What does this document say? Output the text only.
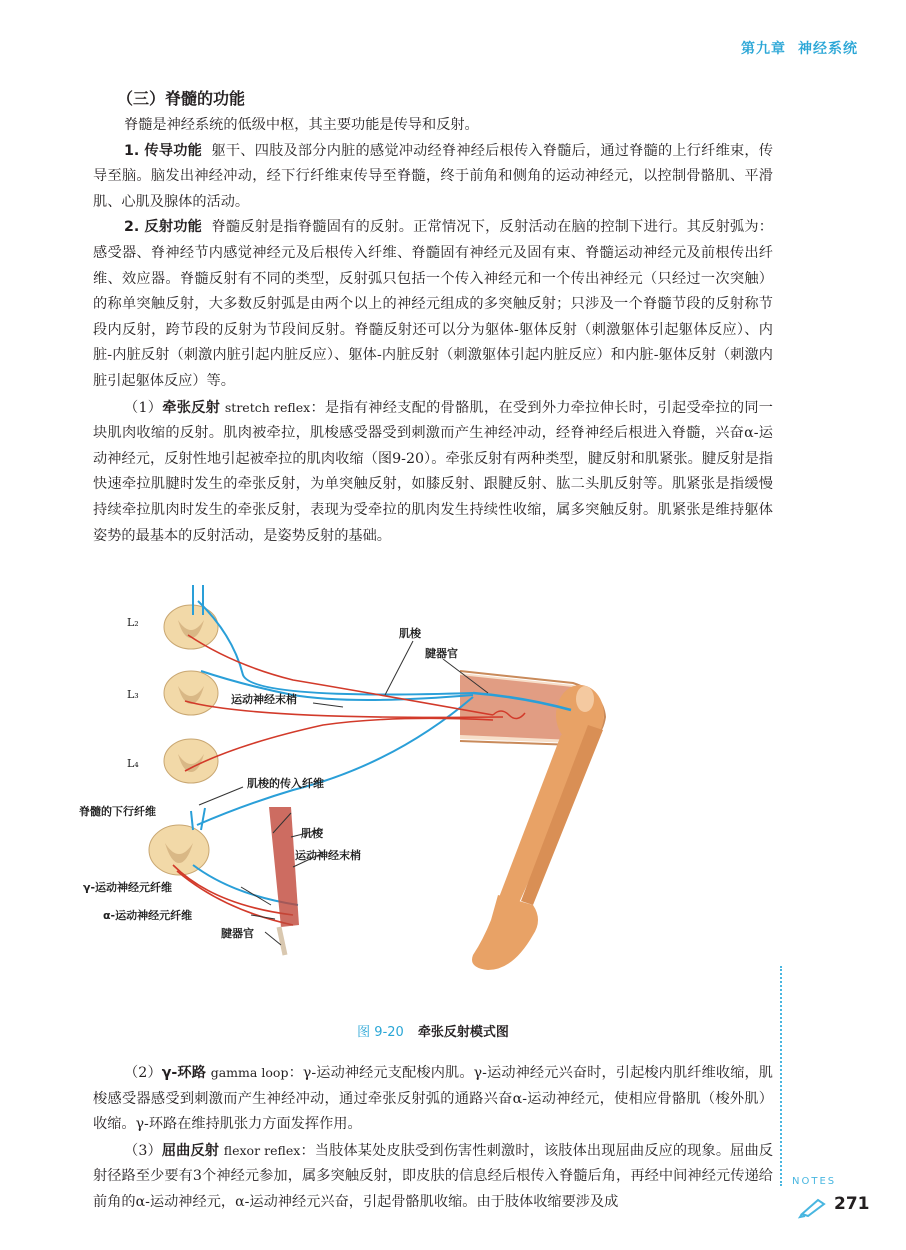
第九章 神经系统
（三）脊髓的功能

脊髓是神经系统的低级中枢，其主要功能是传导和反射。

1. 传导功能 躯干、四肢及部分内脏的感觉冲动经脊神经后根传入脊髓后，通过脊髓的上行纤维束，传导至脑。脑发出神经冲动，经下行纤维束传导至脊髓，终于前角和侧角的运动神经元，以控制骨骼肌、平滑肌、心肌及腺体的活动。

2. 反射功能 脊髓反射是指脊髓固有的反射。正常情况下，反射活动在脑的控制下进行。其反射弧为：感受器、脊神经节内感觉神经元及后根传入纤维、脊髓固有神经元及固有束、脊髓运动神经元及前根传出纤维、效应器。脊髓反射有不同的类型，反射弧只包括一个传入神经元和一个传出神经元（只经过一次突触）的称单突触反射，大多数反射弧是由两个以上的神经元组成的多突触反射；只涉及一个脊髓节段的反射称节段内反射，跨节段的反射为节段间反射。脊髓反射还可以分为躯体-躯体反射（刺激躯体引起躯体反应）、内脏-内脏反射（刺激内脏引起内脏反应）、躯体-内脏反射（刺激躯体引起内脏反应）和内脏-躯体反射（刺激内脏引起躯体反应）等。

（1）牵张反射 stretch reflex：是指有神经支配的骨骼肌，在受到外力牵拉伸长时，引起受牵拉的同一块肌肉收缩的反射。肌肉被牵拉，肌梭感受器受到刺激而产生神经冲动，经脊神经后根进入脊髓，兴奋α-运动神经元，反射性地引起被牵拉的肌肉收缩（图9-20）。牵张反射有两种类型，腱反射和肌紧张。腱反射是指快速牵拉肌腱时发生的牵张反射，为单突触反射，如膝反射、跟腱反射、肱二头肌反射等。肌紧张是指缓慢持续牵拉肌肉时发生的牵张反射，表现为受牵拉的肌肉发生持续性收缩，属多突触反射。肌紧张是维持躯体姿势的最基本的反射活动，是姿势反射的基础。

L₂
L₃
L₄
肌梭
腱器官
运动神经末梢
肌梭的传入纤维
脊髓的下行纤维
肌梭
运动神经末梢
γ-运动神经元纤维
α-运动神经元纤维
腱器官
图 9-20 牵张反射模式图

（2）γ-环路 gamma loop：γ-运动神经元支配梭内肌。γ-运动神经元兴奋时，引起梭内肌纤维收缩，肌梭感受器感受到刺激而产生神经冲动，通过牵张反射弧的通路兴奋α-运动神经元，使相应骨骼肌（梭外肌）收缩。γ-环路在维持肌张力方面发挥作用。

（3）屈曲反射 flexor reflex：当肢体某处皮肤受到伤害性刺激时，该肢体出现屈曲反应的现象。屈曲反射径路至少要有3个神经元参加，属多突触反射，即皮肤的信息经后根传入脊髓后角，再经中间神经元传递给前角的α-运动神经元，α-运动神经元兴奋，引起骨骼肌收缩。由于肢体收缩要涉及成

NOTES
271
